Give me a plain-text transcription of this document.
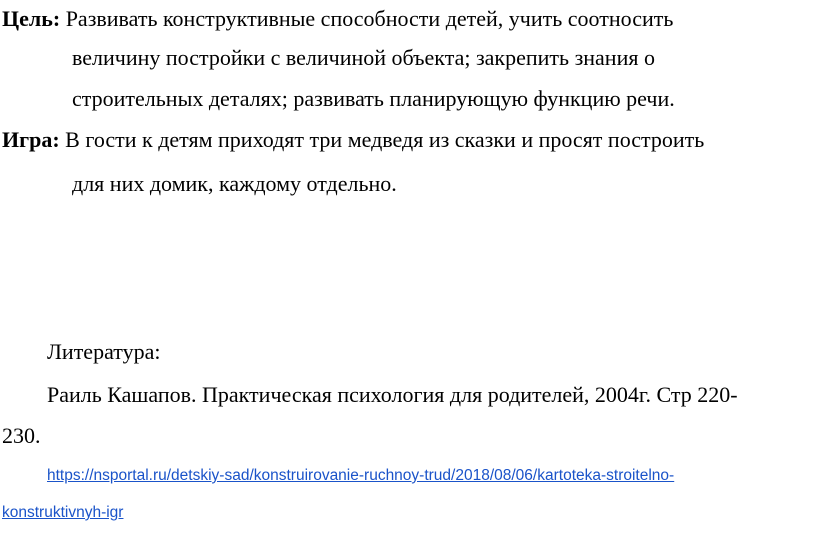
Цель: Развивать конструктивные способности детей, учить соотносить
величину постройки с величиной объекта; закрепить знания о
строительных деталях; развивать планирующую функцию речи.
Игра: В гости к детям приходят три медведя из сказки и просят построить
для них домик, каждому отдельно.
Литература:
Раиль Кашапов. Практическая психология для родителей, 2004г. Стр 220-
230.
https://nsportal.ru/detskiy-sad/konstruirovanie-ruchnoy-trud/2018/08/06/kartoteka-stroitelno-
konstruktivnyh-igr
